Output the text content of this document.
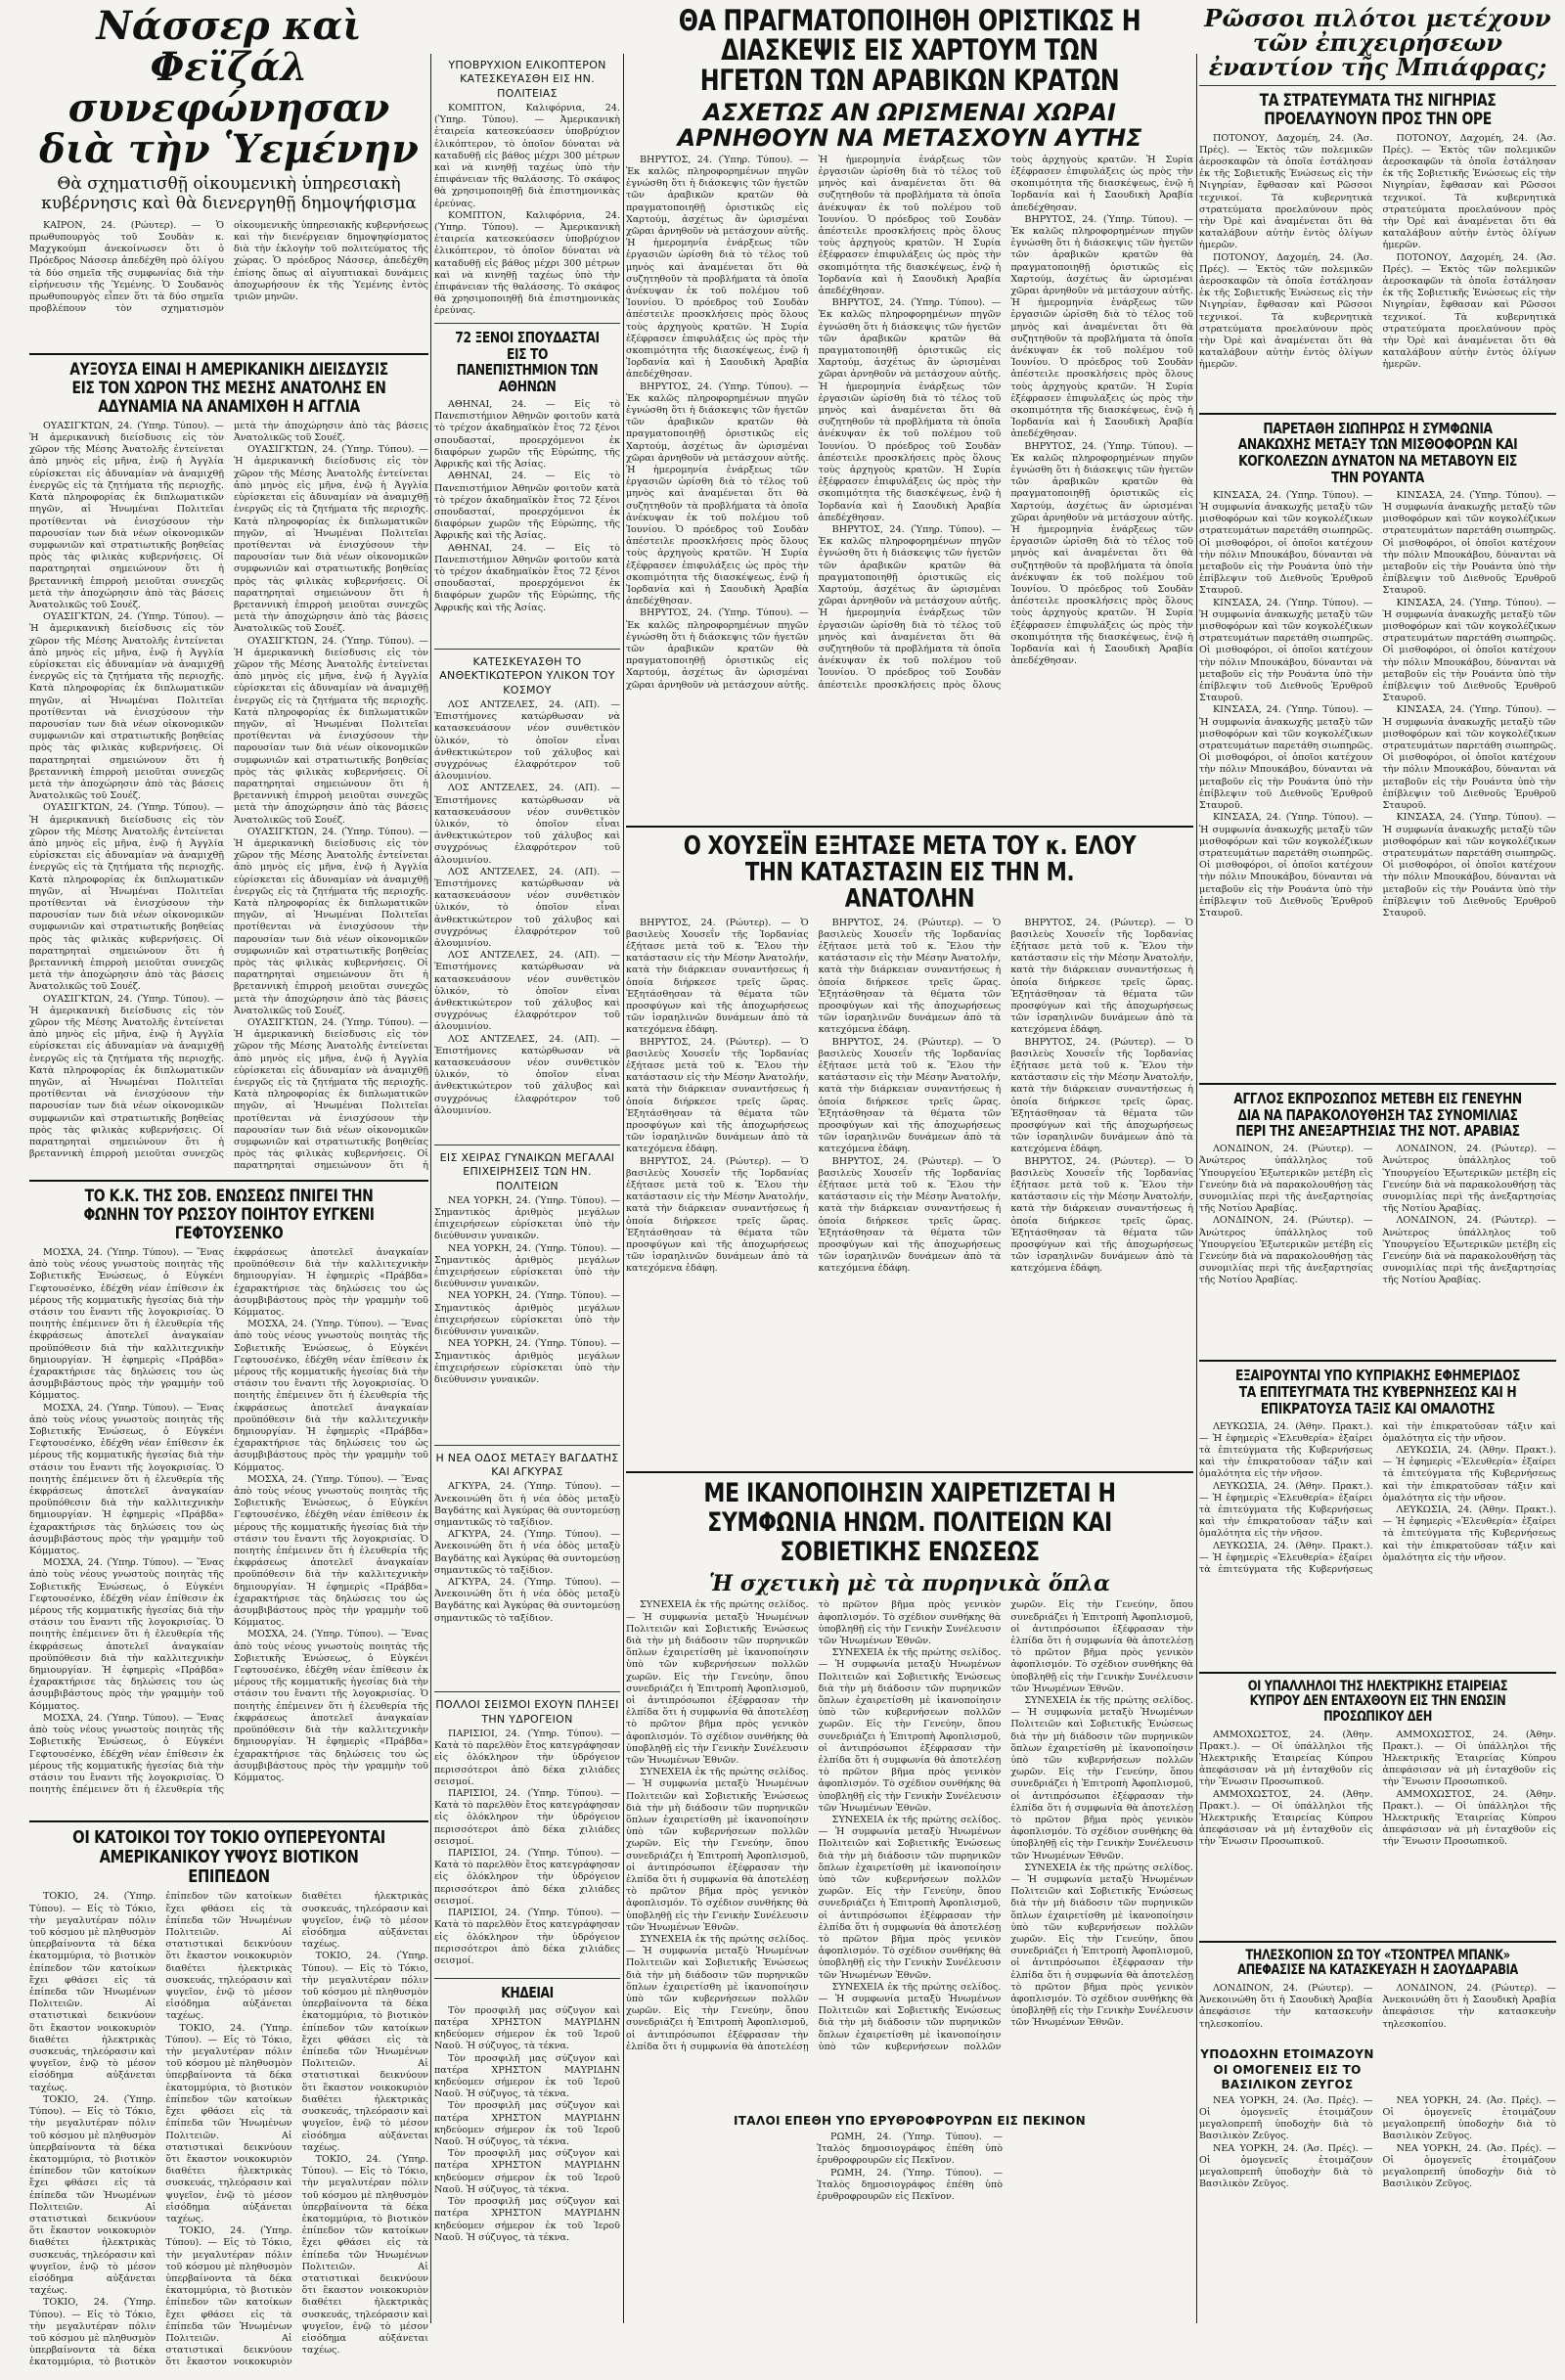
Νάσσερ καὶ Φεϊζάλ συνεφώνησαν διὰ τὴν Ὑεμένην
Θὰ σχηματισθῇ οἰκουμενικὴ ὑπηρεσιακὴ κυβέρνησις καὶ θὰ διενεργηθῇ δημοψήφισμα

ΚΑΪΡΟΝ, 24. (Ρώυτερ). — Ὁ πρωθυπουργὸς τοῦ Σουδὰν κ. Μαχγκούμπ ἀνεκοίνωσεν ὅτι ὁ Πρόεδρος Νάσσερ ἀπεδέχθη πρὸ ὀλίγου τὰ δύο σημεῖα τῆς συμφωνίας διὰ τὴν εἰρήνευσιν τῆς Ὑεμένης. Ὁ Σουδανὸς πρωθυπουργὸς εἶπεν ὅτι τὰ δύο σημεῖα προβλέπουν τὸν σχηματισμὸν οἰκουμενικῆς ὑπηρεσιακῆς κυβερνήσεως καὶ τὴν διενέργειαν δημοψηφίσματος διὰ τὴν ἐκλογὴν τοῦ πολιτεύματος τῆς χώρας. Ὁ πρόεδρος Νάσσερ, ἀπεδέχθη ἐπίσης ὅπως αἱ αἰγυπτιακαὶ δυνάμεις ἀποχωρήσουν ἐκ τῆς Ὑεμένης ἐντὸς τριῶν μηνῶν.

ΑΥΞΟΥΣΑ ΕΙΝΑΙ Η ΑΜΕΡΙΚΑΝΙΚΗ ΔΙΕΙΣΔΥΣΙΣ ΕΙΣ ΤΟΝ ΧΩΡΟΝ ΤΗΣ ΜΕΣΗΣ ΑΝΑΤΟΛΗΣ ΕΝ ΑΔΥΝΑΜΙΑ ΝΑ ΑΝΑΜΙΧΘΗ Η ΑΓΓΛΙΑ

ΟΥΑΣΙΓΚΤΩΝ, 24. (Ὑπηρ. Τύπου). — Ἡ ἀμερικανικὴ διείσδυσις εἰς τὸν χῶρον τῆς Μέσης Ἀνατολῆς ἐντείνεται ἀπὸ μηνὸς εἰς μῆνα, ἐνῷ ἡ Ἀγγλία εὑρίσκεται εἰς ἀδυναμίαν νὰ ἀναμιχθῇ ἐνεργῶς εἰς τὰ ζητήματα τῆς περιοχῆς. Κατὰ πληροφορίας ἐκ διπλωματικῶν πηγῶν, αἱ Ἡνωμέναι Πολιτεῖαι προτίθενται νὰ ἐνισχύσουν τὴν παρουσίαν των διὰ νέων οἰκονομικῶν συμφωνιῶν καὶ στρατιωτικῆς βοηθείας πρὸς τὰς φιλικὰς κυβερνήσεις. Οἱ παρατηρηταὶ σημειώνουν ὅτι ἡ βρεταννικὴ ἐπιρροὴ μειοῦται συνεχῶς μετὰ τὴν ἀποχώρησιν ἀπὸ τὰς βάσεις Ἀνατολικῶς τοῦ Σουέζ.

ΟΥΑΣΙΓΚΤΩΝ, 24. (Ὑπηρ. Τύπου). — Ἡ ἀμερικανικὴ διείσδυσις εἰς τὸν χῶρον τῆς Μέσης Ἀνατολῆς ἐντείνεται ἀπὸ μηνὸς εἰς μῆνα, ἐνῷ ἡ Ἀγγλία εὑρίσκεται εἰς ἀδυναμίαν νὰ ἀναμιχθῇ ἐνεργῶς εἰς τὰ ζητήματα τῆς περιοχῆς. Κατὰ πληροφορίας ἐκ διπλωματικῶν πηγῶν, αἱ Ἡνωμέναι Πολιτεῖαι προτίθενται νὰ ἐνισχύσουν τὴν παρουσίαν των διὰ νέων οἰκονομικῶν συμφωνιῶν καὶ στρατιωτικῆς βοηθείας πρὸς τὰς φιλικὰς κυβερνήσεις. Οἱ παρατηρηταὶ σημειώνουν ὅτι ἡ βρεταννικὴ ἐπιρροὴ μειοῦται συνεχῶς μετὰ τὴν ἀποχώρησιν ἀπὸ τὰς βάσεις Ἀνατολικῶς τοῦ Σουέζ.

ΟΥΑΣΙΓΚΤΩΝ, 24. (Ὑπηρ. Τύπου). — Ἡ ἀμερικανικὴ διείσδυσις εἰς τὸν χῶρον τῆς Μέσης Ἀνατολῆς ἐντείνεται ἀπὸ μηνὸς εἰς μῆνα, ἐνῷ ἡ Ἀγγλία εὑρίσκεται εἰς ἀδυναμίαν νὰ ἀναμιχθῇ ἐνεργῶς εἰς τὰ ζητήματα τῆς περιοχῆς. Κατὰ πληροφορίας ἐκ διπλωματικῶν πηγῶν, αἱ Ἡνωμέναι Πολιτεῖαι προτίθενται νὰ ἐνισχύσουν τὴν παρουσίαν των διὰ νέων οἰκονομικῶν συμφωνιῶν καὶ στρατιωτικῆς βοηθείας πρὸς τὰς φιλικὰς κυβερνήσεις. Οἱ παρατηρηταὶ σημειώνουν ὅτι ἡ βρεταννικὴ ἐπιρροὴ μειοῦται συνεχῶς μετὰ τὴν ἀποχώρησιν ἀπὸ τὰς βάσεις Ἀνατολικῶς τοῦ Σουέζ.

ΟΥΑΣΙΓΚΤΩΝ, 24. (Ὑπηρ. Τύπου). — Ἡ ἀμερικανικὴ διείσδυσις εἰς τὸν χῶρον τῆς Μέσης Ἀνατολῆς ἐντείνεται ἀπὸ μηνὸς εἰς μῆνα, ἐνῷ ἡ Ἀγγλία εὑρίσκεται εἰς ἀδυναμίαν νὰ ἀναμιχθῇ ἐνεργῶς εἰς τὰ ζητήματα τῆς περιοχῆς. Κατὰ πληροφορίας ἐκ διπλωματικῶν πηγῶν, αἱ Ἡνωμέναι Πολιτεῖαι προτίθενται νὰ ἐνισχύσουν τὴν παρουσίαν των διὰ νέων οἰκονομικῶν συμφωνιῶν καὶ στρατιωτικῆς βοηθείας πρὸς τὰς φιλικὰς κυβερνήσεις. Οἱ παρατηρηταὶ σημειώνουν ὅτι ἡ βρεταννικὴ ἐπιρροὴ μειοῦται συνεχῶς μετὰ τὴν ἀποχώρησιν ἀπὸ τὰς βάσεις Ἀνατολικῶς τοῦ Σουέζ.

ΟΥΑΣΙΓΚΤΩΝ, 24. (Ὑπηρ. Τύπου). — Ἡ ἀμερικανικὴ διείσδυσις εἰς τὸν χῶρον τῆς Μέσης Ἀνατολῆς ἐντείνεται ἀπὸ μηνὸς εἰς μῆνα, ἐνῷ ἡ Ἀγγλία εὑρίσκεται εἰς ἀδυναμίαν νὰ ἀναμιχθῇ ἐνεργῶς εἰς τὰ ζητήματα τῆς περιοχῆς. Κατὰ πληροφορίας ἐκ διπλωματικῶν πηγῶν, αἱ Ἡνωμέναι Πολιτεῖαι προτίθενται νὰ ἐνισχύσουν τὴν παρουσίαν των διὰ νέων οἰκονομικῶν συμφωνιῶν καὶ στρατιωτικῆς βοηθείας πρὸς τὰς φιλικὰς κυβερνήσεις. Οἱ παρατηρηταὶ σημειώνουν ὅτι ἡ βρεταννικὴ ἐπιρροὴ μειοῦται συνεχῶς μετὰ τὴν ἀποχώρησιν ἀπὸ τὰς βάσεις Ἀνατολικῶς τοῦ Σουέζ.

ΟΥΑΣΙΓΚΤΩΝ, 24. (Ὑπηρ. Τύπου). — Ἡ ἀμερικανικὴ διείσδυσις εἰς τὸν χῶρον τῆς Μέσης Ἀνατολῆς ἐντείνεται ἀπὸ μηνὸς εἰς μῆνα, ἐνῷ ἡ Ἀγγλία εὑρίσκεται εἰς ἀδυναμίαν νὰ ἀναμιχθῇ ἐνεργῶς εἰς τὰ ζητήματα τῆς περιοχῆς. Κατὰ πληροφορίας ἐκ διπλωματικῶν πηγῶν, αἱ Ἡνωμέναι Πολιτεῖαι προτίθενται νὰ ἐνισχύσουν τὴν παρουσίαν των διὰ νέων οἰκονομικῶν συμφωνιῶν καὶ στρατιωτικῆς βοηθείας πρὸς τὰς φιλικὰς κυβερνήσεις. Οἱ παρατηρηταὶ σημειώνουν ὅτι ἡ βρεταννικὴ ἐπιρροὴ μειοῦται συνεχῶς μετὰ τὴν ἀποχώρησιν ἀπὸ τὰς βάσεις Ἀνατολικῶς τοῦ Σουέζ.

ΟΥΑΣΙΓΚΤΩΝ, 24. (Ὑπηρ. Τύπου). — Ἡ ἀμερικανικὴ διείσδυσις εἰς τὸν χῶρον τῆς Μέσης Ἀνατολῆς ἐντείνεται ἀπὸ μηνὸς εἰς μῆνα, ἐνῷ ἡ Ἀγγλία εὑρίσκεται εἰς ἀδυναμίαν νὰ ἀναμιχθῇ ἐνεργῶς εἰς τὰ ζητήματα τῆς περιοχῆς. Κατὰ πληροφορίας ἐκ διπλωματικῶν πηγῶν, αἱ Ἡνωμέναι Πολιτεῖαι προτίθενται νὰ ἐνισχύσουν τὴν παρουσίαν των διὰ νέων οἰκονομικῶν συμφωνιῶν καὶ στρατιωτικῆς βοηθείας πρὸς τὰς φιλικὰς κυβερνήσεις. Οἱ παρατηρηταὶ σημειώνουν ὅτι ἡ βρεταννικὴ ἐπιρροὴ μειοῦται συνεχῶς μετὰ τὴν ἀποχώρησιν ἀπὸ τὰς βάσεις Ἀνατολικῶς τοῦ Σουέζ.

ΟΥΑΣΙΓΚΤΩΝ, 24. (Ὑπηρ. Τύπου). — Ἡ ἀμερικανικὴ διείσδυσις εἰς τὸν χῶρον τῆς Μέσης Ἀνατολῆς ἐντείνεται ἀπὸ μηνὸς εἰς μῆνα, ἐνῷ ἡ Ἀγγλία εὑρίσκεται εἰς ἀδυναμίαν νὰ ἀναμιχθῇ ἐνεργῶς εἰς τὰ ζητήματα τῆς περιοχῆς. Κατὰ πληροφορίας ἐκ διπλωματικῶν πηγῶν, αἱ Ἡνωμέναι Πολιτεῖαι προτίθενται νὰ ἐνισχύσουν τὴν παρουσίαν των διὰ νέων οἰκονομικῶν συμφωνιῶν καὶ στρατιωτικῆς βοηθείας πρὸς τὰς φιλικὰς κυβερνήσεις. Οἱ παρατηρηταὶ σημειώνουν ὅτι ἡ

ΤΟ Κ.Κ. ΤΗΣ ΣΟΒ. ΕΝΩΣΕΩΣ ΠΝΙΓΕΙ ΤΗΝ ΦΩΝΗΝ ΤΟΥ ΡΩΣΣΟΥ ΠΟΙΗΤΟΥ ΕΥΓΚΕΝΙ ΓΕΦΤΟΥΣΕΝΚΟ

ΜΟΣΧΑ, 24. (Ὑπηρ. Τύπου). — Ἕνας ἀπὸ τοὺς νέους γνωστοὺς ποιητὰς τῆς Σοβιετικῆς Ἑνώσεως, ὁ Εὐγκένι Γεφτουσένκο, ἐδέχθη νέαν ἐπίθεσιν ἐκ μέρους τῆς κομματικῆς ἡγεσίας διὰ τὴν στάσιν του ἔναντι τῆς λογοκρισίας. Ὁ ποιητὴς ἐπέμεινεν ὅτι ἡ ἐλευθερία τῆς ἐκφράσεως ἀποτελεῖ ἀναγκαίαν προϋπόθεσιν διὰ τὴν καλλιτεχνικὴν δημιουργίαν. Ἡ ἐφημερὶς «Πράβδα» ἐχαρακτήρισε τὰς δηλώσεις του ὡς ἀσυμβιβάστους πρὸς τὴν γραμμὴν τοῦ Κόμματος.

ΜΟΣΧΑ, 24. (Ὑπηρ. Τύπου). — Ἕνας ἀπὸ τοὺς νέους γνωστοὺς ποιητὰς τῆς Σοβιετικῆς Ἑνώσεως, ὁ Εὐγκένι Γεφτουσένκο, ἐδέχθη νέαν ἐπίθεσιν ἐκ μέρους τῆς κομματικῆς ἡγεσίας διὰ τὴν στάσιν του ἔναντι τῆς λογοκρισίας. Ὁ ποιητὴς ἐπέμεινεν ὅτι ἡ ἐλευθερία τῆς ἐκφράσεως ἀποτελεῖ ἀναγκαίαν προϋπόθεσιν διὰ τὴν καλλιτεχνικὴν δημιουργίαν. Ἡ ἐφημερὶς «Πράβδα» ἐχαρακτήρισε τὰς δηλώσεις του ὡς ἀσυμβιβάστους πρὸς τὴν γραμμὴν τοῦ Κόμματος.

ΜΟΣΧΑ, 24. (Ὑπηρ. Τύπου). — Ἕνας ἀπὸ τοὺς νέους γνωστοὺς ποιητὰς τῆς Σοβιετικῆς Ἑνώσεως, ὁ Εὐγκένι Γεφτουσένκο, ἐδέχθη νέαν ἐπίθεσιν ἐκ μέρους τῆς κομματικῆς ἡγεσίας διὰ τὴν στάσιν του ἔναντι τῆς λογοκρισίας. Ὁ ποιητὴς ἐπέμεινεν ὅτι ἡ ἐλευθερία τῆς ἐκφράσεως ἀποτελεῖ ἀναγκαίαν προϋπόθεσιν διὰ τὴν καλλιτεχνικὴν δημιουργίαν. Ἡ ἐφημερὶς «Πράβδα» ἐχαρακτήρισε τὰς δηλώσεις του ὡς ἀσυμβιβάστους πρὸς τὴν γραμμὴν τοῦ Κόμματος.

ΜΟΣΧΑ, 24. (Ὑπηρ. Τύπου). — Ἕνας ἀπὸ τοὺς νέους γνωστοὺς ποιητὰς τῆς Σοβιετικῆς Ἑνώσεως, ὁ Εὐγκένι Γεφτουσένκο, ἐδέχθη νέαν ἐπίθεσιν ἐκ μέρους τῆς κομματικῆς ἡγεσίας διὰ τὴν στάσιν του ἔναντι τῆς λογοκρισίας. Ὁ ποιητὴς ἐπέμεινεν ὅτι ἡ ἐλευθερία τῆς ἐκφράσεως ἀποτελεῖ ἀναγκαίαν προϋπόθεσιν διὰ τὴν καλλιτεχνικὴν δημιουργίαν. Ἡ ἐφημερὶς «Πράβδα» ἐχαρακτήρισε τὰς δηλώσεις του ὡς ἀσυμβιβάστους πρὸς τὴν γραμμὴν τοῦ Κόμματος.

ΜΟΣΧΑ, 24. (Ὑπηρ. Τύπου). — Ἕνας ἀπὸ τοὺς νέους γνωστοὺς ποιητὰς τῆς Σοβιετικῆς Ἑνώσεως, ὁ Εὐγκένι Γεφτουσένκο, ἐδέχθη νέαν ἐπίθεσιν ἐκ μέρους τῆς κομματικῆς ἡγεσίας διὰ τὴν στάσιν του ἔναντι τῆς λογοκρισίας. Ὁ ποιητὴς ἐπέμεινεν ὅτι ἡ ἐλευθερία τῆς ἐκφράσεως ἀποτελεῖ ἀναγκαίαν προϋπόθεσιν διὰ τὴν καλλιτεχνικὴν δημιουργίαν. Ἡ ἐφημερὶς «Πράβδα» ἐχαρακτήρισε τὰς δηλώσεις του ὡς ἀσυμβιβάστους πρὸς τὴν γραμμὴν τοῦ Κόμματος.

ΜΟΣΧΑ, 24. (Ὑπηρ. Τύπου). — Ἕνας ἀπὸ τοὺς νέους γνωστοὺς ποιητὰς τῆς Σοβιετικῆς Ἑνώσεως, ὁ Εὐγκένι Γεφτουσένκο, ἐδέχθη νέαν ἐπίθεσιν ἐκ μέρους τῆς κομματικῆς ἡγεσίας διὰ τὴν στάσιν του ἔναντι τῆς λογοκρισίας. Ὁ ποιητὴς ἐπέμεινεν ὅτι ἡ ἐλευθερία τῆς ἐκφράσεως ἀποτελεῖ ἀναγκαίαν προϋπόθεσιν διὰ τὴν καλλιτεχνικὴν δημιουργίαν. Ἡ ἐφημερὶς «Πράβδα» ἐχαρακτήρισε τὰς δηλώσεις του ὡς ἀσυμβιβάστους πρὸς τὴν γραμμὴν τοῦ Κόμματος.

ΜΟΣΧΑ, 24. (Ὑπηρ. Τύπου). — Ἕνας ἀπὸ τοὺς νέους γνωστοὺς ποιητὰς τῆς Σοβιετικῆς Ἑνώσεως, ὁ Εὐγκένι Γεφτουσένκο, ἐδέχθη νέαν ἐπίθεσιν ἐκ μέρους τῆς κομματικῆς ἡγεσίας διὰ τὴν στάσιν του ἔναντι τῆς λογοκρισίας. Ὁ ποιητὴς ἐπέμεινεν ὅτι ἡ ἐλευθερία τῆς ἐκφράσεως ἀποτελεῖ ἀναγκαίαν προϋπόθεσιν διὰ τὴν καλλιτεχνικὴν δημιουργίαν. Ἡ ἐφημερὶς «Πράβδα» ἐχαρακτήρισε τὰς δηλώσεις του ὡς ἀσυμβιβάστους πρὸς τὴν γραμμὴν τοῦ Κόμματος.

ΟΙ ΚΑΤΟΙΚΟΙ ΤΟΥ ΤΟΚΙΟ ΟΥΠΕΡΕΥΟΝΤΑΙ ΑΜΕΡΙΚΑΝΙΚΟΥ ΥΨΟΥΣ ΒΙΟΤΙΚΟΝ ΕΠΙΠΕΔΟΝ

ΤΟΚΙΟ, 24. (Ὑπηρ. Τύπου). — Εἰς τὸ Τόκιο, τὴν μεγαλυτέραν πόλιν τοῦ κόσμου μὲ πληθυσμὸν ὑπερβαίνοντα τὰ δέκα ἑκατομμύρια, τὸ βιοτικὸν ἐπίπεδον τῶν κατοίκων ἔχει φθάσει εἰς τὰ ἐπίπεδα τῶν Ἡνωμένων Πολιτειῶν. Αἱ στατιστικαὶ δεικνύουν ὅτι ἕκαστον νοικοκυριὸν διαθέτει ἠλεκτρικὰς συσκευάς, τηλεόρασιν καὶ ψυγεῖον, ἐνῷ τὸ μέσον εἰσόδημα αὐξάνεται ταχέως.

ΤΟΚΙΟ, 24. (Ὑπηρ. Τύπου). — Εἰς τὸ Τόκιο, τὴν μεγαλυτέραν πόλιν τοῦ κόσμου μὲ πληθυσμὸν ὑπερβαίνοντα τὰ δέκα ἑκατομμύρια, τὸ βιοτικὸν ἐπίπεδον τῶν κατοίκων ἔχει φθάσει εἰς τὰ ἐπίπεδα τῶν Ἡνωμένων Πολιτειῶν. Αἱ στατιστικαὶ δεικνύουν ὅτι ἕκαστον νοικοκυριὸν διαθέτει ἠλεκτρικὰς συσκευάς, τηλεόρασιν καὶ ψυγεῖον, ἐνῷ τὸ μέσον εἰσόδημα αὐξάνεται ταχέως.

ΤΟΚΙΟ, 24. (Ὑπηρ. Τύπου). — Εἰς τὸ Τόκιο, τὴν μεγαλυτέραν πόλιν τοῦ κόσμου μὲ πληθυσμὸν ὑπερβαίνοντα τὰ δέκα ἑκατομμύρια, τὸ βιοτικὸν ἐπίπεδον τῶν κατοίκων ἔχει φθάσει εἰς τὰ ἐπίπεδα τῶν Ἡνωμένων Πολιτειῶν. Αἱ στατιστικαὶ δεικνύουν ὅτι ἕκαστον νοικοκυριὸν διαθέτει ἠλεκτρικὰς συσκευάς, τηλεόρασιν καὶ ψυγεῖον, ἐνῷ τὸ μέσον εἰσόδημα αὐξάνεται ταχέως.

ΤΟΚΙΟ, 24. (Ὑπηρ. Τύπου). — Εἰς τὸ Τόκιο, τὴν μεγαλυτέραν πόλιν τοῦ κόσμου μὲ πληθυσμὸν ὑπερβαίνοντα τὰ δέκα ἑκατομμύρια, τὸ βιοτικὸν ἐπίπεδον τῶν κατοίκων ἔχει φθάσει εἰς τὰ ἐπίπεδα τῶν Ἡνωμένων Πολιτειῶν. Αἱ στατιστικαὶ δεικνύουν ὅτι ἕκαστον νοικοκυριὸν διαθέτει ἠλεκτρικὰς συσκευάς, τηλεόρασιν καὶ ψυγεῖον, ἐνῷ τὸ μέσον εἰσόδημα αὐξάνεται ταχέως.

ΤΟΚΙΟ, 24. (Ὑπηρ. Τύπου). — Εἰς τὸ Τόκιο, τὴν μεγαλυτέραν πόλιν τοῦ κόσμου μὲ πληθυσμὸν ὑπερβαίνοντα τὰ δέκα ἑκατομμύρια, τὸ βιοτικὸν ἐπίπεδον τῶν κατοίκων ἔχει φθάσει εἰς τὰ ἐπίπεδα τῶν Ἡνωμένων Πολιτειῶν. Αἱ στατιστικαὶ δεικνύουν ὅτι ἕκαστον νοικοκυριὸν διαθέτει ἠλεκτρικὰς συσκευάς, τηλεόρασιν καὶ ψυγεῖον, ἐνῷ τὸ μέσον εἰσόδημα αὐξάνεται ταχέως.

ΤΟΚΙΟ, 24. (Ὑπηρ. Τύπου). — Εἰς τὸ Τόκιο, τὴν μεγαλυτέραν πόλιν τοῦ κόσμου μὲ πληθυσμὸν ὑπερβαίνοντα τὰ δέκα ἑκατομμύρια, τὸ βιοτικὸν ἐπίπεδον τῶν κατοίκων ἔχει φθάσει εἰς τὰ ἐπίπεδα τῶν Ἡνωμένων Πολιτειῶν. Αἱ στατιστικαὶ δεικνύουν ὅτι ἕκαστον νοικοκυριὸν διαθέτει ἠλεκτρικὰς συσκευάς, τηλεόρασιν καὶ ψυγεῖον, ἐνῷ τὸ μέσον εἰσόδημα αὐξάνεται ταχέως.

ΤΟΚΙΟ, 24. (Ὑπηρ. Τύπου). — Εἰς τὸ Τόκιο, τὴν μεγαλυτέραν πόλιν τοῦ κόσμου μὲ πληθυσμὸν ὑπερβαίνοντα τὰ δέκα ἑκατομμύρια, τὸ βιοτικὸν ἐπίπεδον τῶν κατοίκων ἔχει φθάσει εἰς τὰ ἐπίπεδα τῶν Ἡνωμένων Πολιτειῶν. Αἱ στατιστικαὶ δεικνύουν ὅτι ἕκαστον νοικοκυριὸν διαθέτει ἠλεκτρικὰς συσκευάς, τηλεόρασιν καὶ ψυγεῖον, ἐνῷ τὸ μέσον εἰσόδημα αὐξάνεται ταχέως.

ΥΠΟΒΡΥΧΙΟΝ ΕΛΙΚΟΠΤΕΡΟΝ ΚΑΤΕΣΚΕΥΑΣΘΗ ΕΙΣ ΗΝ. ΠΟΛΙΤΕΙΑΣ

ΚΟΜΠΤΟΝ, Καλιφόρνια, 24. (Ὑπηρ. Τύπου). — Ἀμερικανικὴ ἑταιρεία κατεσκεύασεν ὑποβρύχιον ἑλικόπτερον, τὸ ὁποῖον δύναται νὰ καταδυθῇ εἰς βάθος μέχρι 300 μέτρων καὶ νὰ κινηθῇ ταχέως ὑπὸ τὴν ἐπιφάνειαν τῆς θαλάσσης. Τὸ σκάφος θὰ χρησιμοποιηθῇ διὰ ἐπιστημονικὰς ἐρεύνας.

ΚΟΜΠΤΟΝ, Καλιφόρνια, 24. (Ὑπηρ. Τύπου). — Ἀμερικανικὴ ἑταιρεία κατεσκεύασεν ὑποβρύχιον ἑλικόπτερον, τὸ ὁποῖον δύναται νὰ καταδυθῇ εἰς βάθος μέχρι 300 μέτρων καὶ νὰ κινηθῇ ταχέως ὑπὸ τὴν ἐπιφάνειαν τῆς θαλάσσης. Τὸ σκάφος θὰ χρησιμοποιηθῇ διὰ ἐπιστημονικὰς ἐρεύνας.

72 ΞΕΝΟΙ ΣΠΟΥΔΑΣΤΑΙ ΕΙΣ ΤΟ ΠΑΝΕΠΙΣΤΗΜΙΟΝ ΤΩΝ ΑΘΗΝΩΝ

ΑΘΗΝΑΙ, 24. — Εἰς τὸ Πανεπιστήμιον Ἀθηνῶν φοιτοῦν κατὰ τὸ τρέχον ἀκαδημαϊκὸν ἔτος 72 ξένοι σπουδασταί, προερχόμενοι ἐκ διαφόρων χωρῶν τῆς Εὐρώπης, τῆς Ἀφρικῆς καὶ τῆς Ἀσίας.

ΑΘΗΝΑΙ, 24. — Εἰς τὸ Πανεπιστήμιον Ἀθηνῶν φοιτοῦν κατὰ τὸ τρέχον ἀκαδημαϊκὸν ἔτος 72 ξένοι σπουδασταί, προερχόμενοι ἐκ διαφόρων χωρῶν τῆς Εὐρώπης, τῆς Ἀφρικῆς καὶ τῆς Ἀσίας.

ΑΘΗΝΑΙ, 24. — Εἰς τὸ Πανεπιστήμιον Ἀθηνῶν φοιτοῦν κατὰ τὸ τρέχον ἀκαδημαϊκὸν ἔτος 72 ξένοι σπουδασταί, προερχόμενοι ἐκ διαφόρων χωρῶν τῆς Εὐρώπης, τῆς Ἀφρικῆς καὶ τῆς Ἀσίας.

ΚΑΤΕΣΚΕΥΑΣΘΗ ΤΟ ΑΝΘΕΚΤΙΚΩΤΕΡΟΝ ΥΛΙΚΟΝ ΤΟΥ ΚΟΣΜΟΥ

ΛΟΣ ΑΝΤΖΕΛΕΣ, 24. (ΑΠ). — Ἐπιστήμονες κατώρθωσαν νὰ κατασκευάσουν νέον συνθετικὸν ὑλικόν, τὸ ὁποῖον εἶναι ἀνθεκτικώτερον τοῦ χάλυβος καὶ συγχρόνως ἐλαφρότερον τοῦ ἀλουμινίου.

ΛΟΣ ΑΝΤΖΕΛΕΣ, 24. (ΑΠ). — Ἐπιστήμονες κατώρθωσαν νὰ κατασκευάσουν νέον συνθετικὸν ὑλικόν, τὸ ὁποῖον εἶναι ἀνθεκτικώτερον τοῦ χάλυβος καὶ συγχρόνως ἐλαφρότερον τοῦ ἀλουμινίου.

ΛΟΣ ΑΝΤΖΕΛΕΣ, 24. (ΑΠ). — Ἐπιστήμονες κατώρθωσαν νὰ κατασκευάσουν νέον συνθετικὸν ὑλικόν, τὸ ὁποῖον εἶναι ἀνθεκτικώτερον τοῦ χάλυβος καὶ συγχρόνως ἐλαφρότερον τοῦ ἀλουμινίου.

ΛΟΣ ΑΝΤΖΕΛΕΣ, 24. (ΑΠ). — Ἐπιστήμονες κατώρθωσαν νὰ κατασκευάσουν νέον συνθετικὸν ὑλικόν, τὸ ὁποῖον εἶναι ἀνθεκτικώτερον τοῦ χάλυβος καὶ συγχρόνως ἐλαφρότερον τοῦ ἀλουμινίου.

ΛΟΣ ΑΝΤΖΕΛΕΣ, 24. (ΑΠ). — Ἐπιστήμονες κατώρθωσαν νὰ κατασκευάσουν νέον συνθετικὸν ὑλικόν, τὸ ὁποῖον εἶναι ἀνθεκτικώτερον τοῦ χάλυβος καὶ συγχρόνως ἐλαφρότερον τοῦ ἀλουμινίου.

ΕΙΣ ΧΕΙΡΑΣ ΓΥΝΑΙΚΩΝ ΜΕΓΑΛΑΙ ΕΠΙΧΕΙΡΗΣΕΙΣ ΤΩΝ ΗΝ. ΠΟΛΙΤΕΙΩΝ

ΝΕΑ ΥΟΡΚΗ, 24. (Ὑπηρ. Τύπου). — Σημαντικὸς ἀριθμὸς μεγάλων ἐπιχειρήσεων εὑρίσκεται ὑπὸ τὴν διεύθυνσιν γυναικῶν.

ΝΕΑ ΥΟΡΚΗ, 24. (Ὑπηρ. Τύπου). — Σημαντικὸς ἀριθμὸς μεγάλων ἐπιχειρήσεων εὑρίσκεται ὑπὸ τὴν διεύθυνσιν γυναικῶν.

ΝΕΑ ΥΟΡΚΗ, 24. (Ὑπηρ. Τύπου). — Σημαντικὸς ἀριθμὸς μεγάλων ἐπιχειρήσεων εὑρίσκεται ὑπὸ τὴν διεύθυνσιν γυναικῶν.

ΝΕΑ ΥΟΡΚΗ, 24. (Ὑπηρ. Τύπου). — Σημαντικὸς ἀριθμὸς μεγάλων ἐπιχειρήσεων εὑρίσκεται ὑπὸ τὴν διεύθυνσιν γυναικῶν.

Η ΝΕΑ ΟΔΟΣ ΜΕΤΑΞΥ ΒΑΓΔΑΤΗΣ ΚΑΙ ΑΓΚΥΡΑΣ

ΑΓΚΥΡΑ, 24. (Ὑπηρ. Τύπου). — Ἀνεκοινώθη ὅτι ἡ νέα ὁδὸς μεταξὺ Βαγδάτης καὶ Ἀγκύρας θὰ συντομεύσῃ σημαντικῶς τὸ ταξίδιον.

ΑΓΚΥΡΑ, 24. (Ὑπηρ. Τύπου). — Ἀνεκοινώθη ὅτι ἡ νέα ὁδὸς μεταξὺ Βαγδάτης καὶ Ἀγκύρας θὰ συντομεύσῃ σημαντικῶς τὸ ταξίδιον.

ΑΓΚΥΡΑ, 24. (Ὑπηρ. Τύπου). — Ἀνεκοινώθη ὅτι ἡ νέα ὁδὸς μεταξὺ Βαγδάτης καὶ Ἀγκύρας θὰ συντομεύσῃ σημαντικῶς τὸ ταξίδιον.

ΠΟΛΛΟΙ ΣΕΙΣΜΟΙ ΕΧΟΥΝ ΠΛΗΞΕΙ ΤΗΝ ΥΔΡΟΓΕΙΟΝ

ΠΑΡΙΣΙΟΙ, 24. (Ὑπηρ. Τύπου). — Κατὰ τὸ παρελθὸν ἔτος κατεγράφησαν εἰς ὁλόκληρον τὴν ὑδρόγειον περισσότεροι ἀπὸ δέκα χιλιάδες σεισμοί.

ΠΑΡΙΣΙΟΙ, 24. (Ὑπηρ. Τύπου). — Κατὰ τὸ παρελθὸν ἔτος κατεγράφησαν εἰς ὁλόκληρον τὴν ὑδρόγειον περισσότεροι ἀπὸ δέκα χιλιάδες σεισμοί.

ΠΑΡΙΣΙΟΙ, 24. (Ὑπηρ. Τύπου). — Κατὰ τὸ παρελθὸν ἔτος κατεγράφησαν εἰς ὁλόκληρον τὴν ὑδρόγειον περισσότεροι ἀπὸ δέκα χιλιάδες σεισμοί.

ΠΑΡΙΣΙΟΙ, 24. (Ὑπηρ. Τύπου). — Κατὰ τὸ παρελθὸν ἔτος κατεγράφησαν εἰς ὁλόκληρον τὴν ὑδρόγειον περισσότεροι ἀπὸ δέκα χιλιάδες σεισμοί.

ΚΗΔΕΙΑΙ

Τὸν προσφιλῆ μας σύζυγον καὶ πατέρα ΧΡΗΣΤΟΝ ΜΑΥΡΙΔΗΝ κηδεύομεν σήμερον ἐκ τοῦ Ἱεροῦ Ναοῦ. Ἡ σύζυγος, τὰ τέκνα.

Τὸν προσφιλῆ μας σύζυγον καὶ πατέρα ΧΡΗΣΤΟΝ ΜΑΥΡΙΔΗΝ κηδεύομεν σήμερον ἐκ τοῦ Ἱεροῦ Ναοῦ. Ἡ σύζυγος, τὰ τέκνα.

Τὸν προσφιλῆ μας σύζυγον καὶ πατέρα ΧΡΗΣΤΟΝ ΜΑΥΡΙΔΗΝ κηδεύομεν σήμερον ἐκ τοῦ Ἱεροῦ Ναοῦ. Ἡ σύζυγος, τὰ τέκνα.

Τὸν προσφιλῆ μας σύζυγον καὶ πατέρα ΧΡΗΣΤΟΝ ΜΑΥΡΙΔΗΝ κηδεύομεν σήμερον ἐκ τοῦ Ἱεροῦ Ναοῦ. Ἡ σύζυγος, τὰ τέκνα.

Τὸν προσφιλῆ μας σύζυγον καὶ πατέρα ΧΡΗΣΤΟΝ ΜΑΥΡΙΔΗΝ κηδεύομεν σήμερον ἐκ τοῦ Ἱεροῦ Ναοῦ. Ἡ σύζυγος, τὰ τέκνα.

ΘΑ ΠΡΑΓΜΑΤΟΠΟΙΗΘΗ ΟΡΙΣΤΙΚΩΣ Η ΔΙΑΣΚΕΨΙΣ ΕΙΣ ΧΑΡΤΟΥΜ ΤΩΝ ΗΓΕΤΩΝ ΤΩΝ ΑΡΑΒΙΚΩΝ ΚΡΑΤΩΝ
ΑΣΧΕΤΩΣ ΑΝ ΩΡΙΣΜΕΝΑΙ ΧΩΡΑΙ ΑΡΝΗΘΟΥΝ ΝΑ ΜΕΤΑΣΧΟΥΝ ΑΥΤΗΣ

ΒΗΡΥΤΟΣ, 24. (Ὑπηρ. Τύπου). — Ἐκ καλῶς πληροφορημένων πηγῶν ἐγνώσθη ὅτι ἡ διάσκεψις τῶν ἡγετῶν τῶν ἀραβικῶν κρατῶν θὰ πραγματοποιηθῇ ὁριστικῶς εἰς Χαρτούμ, ἀσχέτως ἂν ὡρισμέναι χῶραι ἀρνηθοῦν νὰ μετάσχουν αὐτῆς. Ἡ ἡμερομηνία ἐνάρξεως τῶν ἐργασιῶν ὡρίσθη διὰ τὸ τέλος τοῦ μηνὸς καὶ ἀναμένεται ὅτι θὰ συζητηθοῦν τὰ προβλήματα τὰ ὁποῖα ἀνέκυψαν ἐκ τοῦ πολέμου τοῦ Ἰουνίου. Ὁ πρόεδρος τοῦ Σουδὰν ἀπέστειλε προσκλήσεις πρὸς ὅλους τοὺς ἀρχηγοὺς κρατῶν. Ἡ Συρία ἐξέφρασεν ἐπιφυλάξεις ὡς πρὸς τὴν σκοπιμότητα τῆς διασκέψεως, ἐνῷ ἡ Ἰορδανία καὶ ἡ Σαουδικὴ Ἀραβία ἀπεδέχθησαν.

ΒΗΡΥΤΟΣ, 24. (Ὑπηρ. Τύπου). — Ἐκ καλῶς πληροφορημένων πηγῶν ἐγνώσθη ὅτι ἡ διάσκεψις τῶν ἡγετῶν τῶν ἀραβικῶν κρατῶν θὰ πραγματοποιηθῇ ὁριστικῶς εἰς Χαρτούμ, ἀσχέτως ἂν ὡρισμέναι χῶραι ἀρνηθοῦν νὰ μετάσχουν αὐτῆς. Ἡ ἡμερομηνία ἐνάρξεως τῶν ἐργασιῶν ὡρίσθη διὰ τὸ τέλος τοῦ μηνὸς καὶ ἀναμένεται ὅτι θὰ συζητηθοῦν τὰ προβλήματα τὰ ὁποῖα ἀνέκυψαν ἐκ τοῦ πολέμου τοῦ Ἰουνίου. Ὁ πρόεδρος τοῦ Σουδὰν ἀπέστειλε προσκλήσεις πρὸς ὅλους τοὺς ἀρχηγοὺς κρατῶν. Ἡ Συρία ἐξέφρασεν ἐπιφυλάξεις ὡς πρὸς τὴν σκοπιμότητα τῆς διασκέψεως, ἐνῷ ἡ Ἰορδανία καὶ ἡ Σαουδικὴ Ἀραβία ἀπεδέχθησαν.

ΒΗΡΥΤΟΣ, 24. (Ὑπηρ. Τύπου). — Ἐκ καλῶς πληροφορημένων πηγῶν ἐγνώσθη ὅτι ἡ διάσκεψις τῶν ἡγετῶν τῶν ἀραβικῶν κρατῶν θὰ πραγματοποιηθῇ ὁριστικῶς εἰς Χαρτούμ, ἀσχέτως ἂν ὡρισμέναι χῶραι ἀρνηθοῦν νὰ μετάσχουν αὐτῆς. Ἡ ἡμερομηνία ἐνάρξεως τῶν ἐργασιῶν ὡρίσθη διὰ τὸ τέλος τοῦ μηνὸς καὶ ἀναμένεται ὅτι θὰ συζητηθοῦν τὰ προβλήματα τὰ ὁποῖα ἀνέκυψαν ἐκ τοῦ πολέμου τοῦ Ἰουνίου. Ὁ πρόεδρος τοῦ Σουδὰν ἀπέστειλε προσκλήσεις πρὸς ὅλους τοὺς ἀρχηγοὺς κρατῶν. Ἡ Συρία ἐξέφρασεν ἐπιφυλάξεις ὡς πρὸς τὴν σκοπιμότητα τῆς διασκέψεως, ἐνῷ ἡ Ἰορδανία καὶ ἡ Σαουδικὴ Ἀραβία ἀπεδέχθησαν.

ΒΗΡΥΤΟΣ, 24. (Ὑπηρ. Τύπου). — Ἐκ καλῶς πληροφορημένων πηγῶν ἐγνώσθη ὅτι ἡ διάσκεψις τῶν ἡγετῶν τῶν ἀραβικῶν κρατῶν θὰ πραγματοποιηθῇ ὁριστικῶς εἰς Χαρτούμ, ἀσχέτως ἂν ὡρισμέναι χῶραι ἀρνηθοῦν νὰ μετάσχουν αὐτῆς. Ἡ ἡμερομηνία ἐνάρξεως τῶν ἐργασιῶν ὡρίσθη διὰ τὸ τέλος τοῦ μηνὸς καὶ ἀναμένεται ὅτι θὰ συζητηθοῦν τὰ προβλήματα τὰ ὁποῖα ἀνέκυψαν ἐκ τοῦ πολέμου τοῦ Ἰουνίου. Ὁ πρόεδρος τοῦ Σουδὰν ἀπέστειλε προσκλήσεις πρὸς ὅλους τοὺς ἀρχηγοὺς κρατῶν. Ἡ Συρία ἐξέφρασεν ἐπιφυλάξεις ὡς πρὸς τὴν σκοπιμότητα τῆς διασκέψεως, ἐνῷ ἡ Ἰορδανία καὶ ἡ Σαουδικὴ Ἀραβία ἀπεδέχθησαν.

ΒΗΡΥΤΟΣ, 24. (Ὑπηρ. Τύπου). — Ἐκ καλῶς πληροφορημένων πηγῶν ἐγνώσθη ὅτι ἡ διάσκεψις τῶν ἡγετῶν τῶν ἀραβικῶν κρατῶν θὰ πραγματοποιηθῇ ὁριστικῶς εἰς Χαρτούμ, ἀσχέτως ἂν ὡρισμέναι χῶραι ἀρνηθοῦν νὰ μετάσχουν αὐτῆς. Ἡ ἡμερομηνία ἐνάρξεως τῶν ἐργασιῶν ὡρίσθη διὰ τὸ τέλος τοῦ μηνὸς καὶ ἀναμένεται ὅτι θὰ συζητηθοῦν τὰ προβλήματα τὰ ὁποῖα ἀνέκυψαν ἐκ τοῦ πολέμου τοῦ Ἰουνίου. Ὁ πρόεδρος τοῦ Σουδὰν ἀπέστειλε προσκλήσεις πρὸς ὅλους τοὺς ἀρχηγοὺς κρατῶν. Ἡ Συρία ἐξέφρασεν ἐπιφυλάξεις ὡς πρὸς τὴν σκοπιμότητα τῆς διασκέψεως, ἐνῷ ἡ Ἰορδανία καὶ ἡ Σαουδικὴ Ἀραβία ἀπεδέχθησαν.

ΒΗΡΥΤΟΣ, 24. (Ὑπηρ. Τύπου). — Ἐκ καλῶς πληροφορημένων πηγῶν ἐγνώσθη ὅτι ἡ διάσκεψις τῶν ἡγετῶν τῶν ἀραβικῶν κρατῶν θὰ πραγματοποιηθῇ ὁριστικῶς εἰς Χαρτούμ, ἀσχέτως ἂν ὡρισμέναι χῶραι ἀρνηθοῦν νὰ μετάσχουν αὐτῆς. Ἡ ἡμερομηνία ἐνάρξεως τῶν ἐργασιῶν ὡρίσθη διὰ τὸ τέλος τοῦ μηνὸς καὶ ἀναμένεται ὅτι θὰ συζητηθοῦν τὰ προβλήματα τὰ ὁποῖα ἀνέκυψαν ἐκ τοῦ πολέμου τοῦ Ἰουνίου. Ὁ πρόεδρος τοῦ Σουδὰν ἀπέστειλε προσκλήσεις πρὸς ὅλους τοὺς ἀρχηγοὺς κρατῶν. Ἡ Συρία ἐξέφρασεν ἐπιφυλάξεις ὡς πρὸς τὴν σκοπιμότητα τῆς διασκέψεως, ἐνῷ ἡ Ἰορδανία καὶ ἡ Σαουδικὴ Ἀραβία ἀπεδέχθησαν.

ΒΗΡΥΤΟΣ, 24. (Ὑπηρ. Τύπου). — Ἐκ καλῶς πληροφορημένων πηγῶν ἐγνώσθη ὅτι ἡ διάσκεψις τῶν ἡγετῶν τῶν ἀραβικῶν κρατῶν θὰ πραγματοποιηθῇ ὁριστικῶς εἰς Χαρτούμ, ἀσχέτως ἂν ὡρισμέναι χῶραι ἀρνηθοῦν νὰ μετάσχουν αὐτῆς. Ἡ ἡμερομηνία ἐνάρξεως τῶν ἐργασιῶν ὡρίσθη διὰ τὸ τέλος τοῦ μηνὸς καὶ ἀναμένεται ὅτι θὰ συζητηθοῦν τὰ προβλήματα τὰ ὁποῖα ἀνέκυψαν ἐκ τοῦ πολέμου τοῦ Ἰουνίου. Ὁ πρόεδρος τοῦ Σουδὰν ἀπέστειλε προσκλήσεις πρὸς ὅλους τοὺς ἀρχηγοὺς κρατῶν. Ἡ Συρία ἐξέφρασεν ἐπιφυλάξεις ὡς πρὸς τὴν σκοπιμότητα τῆς διασκέψεως, ἐνῷ ἡ Ἰορδανία καὶ ἡ Σαουδικὴ Ἀραβία ἀπεδέχθησαν.

Ο ΧΟΥΣΕΪΝ ΕΞΗΤΑΣΕ ΜΕΤΑ ΤΟΥ κ. ΕΛΟΥ ΤΗΝ ΚΑΤΑΣΤΑΣΙΝ ΕΙΣ ΤΗΝ Μ. ΑΝΑΤΟΛΗΝ

ΒΗΡΥΤΟΣ, 24. (Ρώυτερ). — Ὁ βασιλεὺς Χουσεΐν τῆς Ἰορδανίας ἐξήτασε μετὰ τοῦ κ. Ἔλου τὴν κατάστασιν εἰς τὴν Μέσην Ἀνατολήν, κατὰ τὴν διάρκειαν συναντήσεως ἡ ὁποία διήρκεσε τρεῖς ὥρας. Ἐξητάσθησαν τὰ θέματα τῶν προσφύγων καὶ τῆς ἀποχωρήσεως τῶν ἰσραηλινῶν δυνάμεων ἀπὸ τὰ κατεχόμενα ἐδάφη.

ΒΗΡΥΤΟΣ, 24. (Ρώυτερ). — Ὁ βασιλεὺς Χουσεΐν τῆς Ἰορδανίας ἐξήτασε μετὰ τοῦ κ. Ἔλου τὴν κατάστασιν εἰς τὴν Μέσην Ἀνατολήν, κατὰ τὴν διάρκειαν συναντήσεως ἡ ὁποία διήρκεσε τρεῖς ὥρας. Ἐξητάσθησαν τὰ θέματα τῶν προσφύγων καὶ τῆς ἀποχωρήσεως τῶν ἰσραηλινῶν δυνάμεων ἀπὸ τὰ κατεχόμενα ἐδάφη.

ΒΗΡΥΤΟΣ, 24. (Ρώυτερ). — Ὁ βασιλεὺς Χουσεΐν τῆς Ἰορδανίας ἐξήτασε μετὰ τοῦ κ. Ἔλου τὴν κατάστασιν εἰς τὴν Μέσην Ἀνατολήν, κατὰ τὴν διάρκειαν συναντήσεως ἡ ὁποία διήρκεσε τρεῖς ὥρας. Ἐξητάσθησαν τὰ θέματα τῶν προσφύγων καὶ τῆς ἀποχωρήσεως τῶν ἰσραηλινῶν δυνάμεων ἀπὸ τὰ κατεχόμενα ἐδάφη.

ΒΗΡΥΤΟΣ, 24. (Ρώυτερ). — Ὁ βασιλεὺς Χουσεΐν τῆς Ἰορδανίας ἐξήτασε μετὰ τοῦ κ. Ἔλου τὴν κατάστασιν εἰς τὴν Μέσην Ἀνατολήν, κατὰ τὴν διάρκειαν συναντήσεως ἡ ὁποία διήρκεσε τρεῖς ὥρας. Ἐξητάσθησαν τὰ θέματα τῶν προσφύγων καὶ τῆς ἀποχωρήσεως τῶν ἰσραηλινῶν δυνάμεων ἀπὸ τὰ κατεχόμενα ἐδάφη.

ΒΗΡΥΤΟΣ, 24. (Ρώυτερ). — Ὁ βασιλεὺς Χουσεΐν τῆς Ἰορδανίας ἐξήτασε μετὰ τοῦ κ. Ἔλου τὴν κατάστασιν εἰς τὴν Μέσην Ἀνατολήν, κατὰ τὴν διάρκειαν συναντήσεως ἡ ὁποία διήρκεσε τρεῖς ὥρας. Ἐξητάσθησαν τὰ θέματα τῶν προσφύγων καὶ τῆς ἀποχωρήσεως τῶν ἰσραηλινῶν δυνάμεων ἀπὸ τὰ κατεχόμενα ἐδάφη.

ΒΗΡΥΤΟΣ, 24. (Ρώυτερ). — Ὁ βασιλεὺς Χουσεΐν τῆς Ἰορδανίας ἐξήτασε μετὰ τοῦ κ. Ἔλου τὴν κατάστασιν εἰς τὴν Μέσην Ἀνατολήν, κατὰ τὴν διάρκειαν συναντήσεως ἡ ὁποία διήρκεσε τρεῖς ὥρας. Ἐξητάσθησαν τὰ θέματα τῶν προσφύγων καὶ τῆς ἀποχωρήσεως τῶν ἰσραηλινῶν δυνάμεων ἀπὸ τὰ κατεχόμενα ἐδάφη.

ΒΗΡΥΤΟΣ, 24. (Ρώυτερ). — Ὁ βασιλεὺς Χουσεΐν τῆς Ἰορδανίας ἐξήτασε μετὰ τοῦ κ. Ἔλου τὴν κατάστασιν εἰς τὴν Μέσην Ἀνατολήν, κατὰ τὴν διάρκειαν συναντήσεως ἡ ὁποία διήρκεσε τρεῖς ὥρας. Ἐξητάσθησαν τὰ θέματα τῶν προσφύγων καὶ τῆς ἀποχωρήσεως τῶν ἰσραηλινῶν δυνάμεων ἀπὸ τὰ κατεχόμενα ἐδάφη.

ΒΗΡΥΤΟΣ, 24. (Ρώυτερ). — Ὁ βασιλεὺς Χουσεΐν τῆς Ἰορδανίας ἐξήτασε μετὰ τοῦ κ. Ἔλου τὴν κατάστασιν εἰς τὴν Μέσην Ἀνατολήν, κατὰ τὴν διάρκειαν συναντήσεως ἡ ὁποία διήρκεσε τρεῖς ὥρας. Ἐξητάσθησαν τὰ θέματα τῶν προσφύγων καὶ τῆς ἀποχωρήσεως τῶν ἰσραηλινῶν δυνάμεων ἀπὸ τὰ κατεχόμενα ἐδάφη.

ΒΗΡΥΤΟΣ, 24. (Ρώυτερ). — Ὁ βασιλεὺς Χουσεΐν τῆς Ἰορδανίας ἐξήτασε μετὰ τοῦ κ. Ἔλου τὴν κατάστασιν εἰς τὴν Μέσην Ἀνατολήν, κατὰ τὴν διάρκειαν συναντήσεως ἡ ὁποία διήρκεσε τρεῖς ὥρας. Ἐξητάσθησαν τὰ θέματα τῶν προσφύγων καὶ τῆς ἀποχωρήσεως τῶν ἰσραηλινῶν δυνάμεων ἀπὸ τὰ κατεχόμενα ἐδάφη.

ΜΕ ΙΚΑΝΟΠΟΙΗΣΙΝ ΧΑΙΡΕΤΙΖΕΤΑΙ Η ΣΥΜΦΩΝΙΑ ΗΝΩΜ. ΠΟΛΙΤΕΙΩΝ ΚΑΙ ΣΟΒΙΕΤΙΚΗΣ ΕΝΩΣΕΩΣ
Ἡ σχετικὴ μὲ τὰ πυρηνικὰ ὅπλα

ΣΥΝΕΧΕΙΑ ἐκ τῆς πρώτης σελίδος. — Ἡ συμφωνία μεταξὺ Ἡνωμένων Πολιτειῶν καὶ Σοβιετικῆς Ἑνώσεως διὰ τὴν μὴ διάδοσιν τῶν πυρηνικῶν ὅπλων ἐχαιρετίσθη μὲ ἱκανοποίησιν ὑπὸ τῶν κυβερνήσεων πολλῶν χωρῶν. Εἰς τὴν Γενεύην, ὅπου συνεδριάζει ἡ Ἐπιτροπὴ Ἀφοπλισμοῦ, οἱ ἀντιπρόσωποι ἐξέφρασαν τὴν ἐλπίδα ὅτι ἡ συμφωνία θὰ ἀποτελέσῃ τὸ πρῶτον βῆμα πρὸς γενικὸν ἀφοπλισμόν. Τὸ σχέδιον συνθήκης θὰ ὑποβληθῇ εἰς τὴν Γενικὴν Συνέλευσιν τῶν Ἡνωμένων Ἐθνῶν.

ΣΥΝΕΧΕΙΑ ἐκ τῆς πρώτης σελίδος. — Ἡ συμφωνία μεταξὺ Ἡνωμένων Πολιτειῶν καὶ Σοβιετικῆς Ἑνώσεως διὰ τὴν μὴ διάδοσιν τῶν πυρηνικῶν ὅπλων ἐχαιρετίσθη μὲ ἱκανοποίησιν ὑπὸ τῶν κυβερνήσεων πολλῶν χωρῶν. Εἰς τὴν Γενεύην, ὅπου συνεδριάζει ἡ Ἐπιτροπὴ Ἀφοπλισμοῦ, οἱ ἀντιπρόσωποι ἐξέφρασαν τὴν ἐλπίδα ὅτι ἡ συμφωνία θὰ ἀποτελέσῃ τὸ πρῶτον βῆμα πρὸς γενικὸν ἀφοπλισμόν. Τὸ σχέδιον συνθήκης θὰ ὑποβληθῇ εἰς τὴν Γενικὴν Συνέλευσιν τῶν Ἡνωμένων Ἐθνῶν.

ΣΥΝΕΧΕΙΑ ἐκ τῆς πρώτης σελίδος. — Ἡ συμφωνία μεταξὺ Ἡνωμένων Πολιτειῶν καὶ Σοβιετικῆς Ἑνώσεως διὰ τὴν μὴ διάδοσιν τῶν πυρηνικῶν ὅπλων ἐχαιρετίσθη μὲ ἱκανοποίησιν ὑπὸ τῶν κυβερνήσεων πολλῶν χωρῶν. Εἰς τὴν Γενεύην, ὅπου συνεδριάζει ἡ Ἐπιτροπὴ Ἀφοπλισμοῦ, οἱ ἀντιπρόσωποι ἐξέφρασαν τὴν ἐλπίδα ὅτι ἡ συμφωνία θὰ ἀποτελέσῃ τὸ πρῶτον βῆμα πρὸς γενικὸν ἀφοπλισμόν. Τὸ σχέδιον συνθήκης θὰ ὑποβληθῇ εἰς τὴν Γενικὴν Συνέλευσιν τῶν Ἡνωμένων Ἐθνῶν.

ΣΥΝΕΧΕΙΑ ἐκ τῆς πρώτης σελίδος. — Ἡ συμφωνία μεταξὺ Ἡνωμένων Πολιτειῶν καὶ Σοβιετικῆς Ἑνώσεως διὰ τὴν μὴ διάδοσιν τῶν πυρηνικῶν ὅπλων ἐχαιρετίσθη μὲ ἱκανοποίησιν ὑπὸ τῶν κυβερνήσεων πολλῶν χωρῶν. Εἰς τὴν Γενεύην, ὅπου συνεδριάζει ἡ Ἐπιτροπὴ Ἀφοπλισμοῦ, οἱ ἀντιπρόσωποι ἐξέφρασαν τὴν ἐλπίδα ὅτι ἡ συμφωνία θὰ ἀποτελέσῃ τὸ πρῶτον βῆμα πρὸς γενικὸν ἀφοπλισμόν. Τὸ σχέδιον συνθήκης θὰ ὑποβληθῇ εἰς τὴν Γενικὴν Συνέλευσιν τῶν Ἡνωμένων Ἐθνῶν.

ΣΥΝΕΧΕΙΑ ἐκ τῆς πρώτης σελίδος. — Ἡ συμφωνία μεταξὺ Ἡνωμένων Πολιτειῶν καὶ Σοβιετικῆς Ἑνώσεως διὰ τὴν μὴ διάδοσιν τῶν πυρηνικῶν ὅπλων ἐχαιρετίσθη μὲ ἱκανοποίησιν ὑπὸ τῶν κυβερνήσεων πολλῶν χωρῶν. Εἰς τὴν Γενεύην, ὅπου συνεδριάζει ἡ Ἐπιτροπὴ Ἀφοπλισμοῦ, οἱ ἀντιπρόσωποι ἐξέφρασαν τὴν ἐλπίδα ὅτι ἡ συμφωνία θὰ ἀποτελέσῃ τὸ πρῶτον βῆμα πρὸς γενικὸν ἀφοπλισμόν. Τὸ σχέδιον συνθήκης θὰ ὑποβληθῇ εἰς τὴν Γενικὴν Συνέλευσιν τῶν Ἡνωμένων Ἐθνῶν.

ΣΥΝΕΧΕΙΑ ἐκ τῆς πρώτης σελίδος. — Ἡ συμφωνία μεταξὺ Ἡνωμένων Πολιτειῶν καὶ Σοβιετικῆς Ἑνώσεως διὰ τὴν μὴ διάδοσιν τῶν πυρηνικῶν ὅπλων ἐχαιρετίσθη μὲ ἱκανοποίησιν ὑπὸ τῶν κυβερνήσεων πολλῶν χωρῶν. Εἰς τὴν Γενεύην, ὅπου συνεδριάζει ἡ Ἐπιτροπὴ Ἀφοπλισμοῦ, οἱ ἀντιπρόσωποι ἐξέφρασαν τὴν ἐλπίδα ὅτι ἡ συμφωνία θὰ ἀποτελέσῃ τὸ πρῶτον βῆμα πρὸς γενικὸν ἀφοπλισμόν. Τὸ σχέδιον συνθήκης θὰ ὑποβληθῇ εἰς τὴν Γενικὴν Συνέλευσιν τῶν Ἡνωμένων Ἐθνῶν.

ΣΥΝΕΧΕΙΑ ἐκ τῆς πρώτης σελίδος. — Ἡ συμφωνία μεταξὺ Ἡνωμένων Πολιτειῶν καὶ Σοβιετικῆς Ἑνώσεως διὰ τὴν μὴ διάδοσιν τῶν πυρηνικῶν ὅπλων ἐχαιρετίσθη μὲ ἱκανοποίησιν ὑπὸ τῶν κυβερνήσεων πολλῶν χωρῶν. Εἰς τὴν Γενεύην, ὅπου συνεδριάζει ἡ Ἐπιτροπὴ Ἀφοπλισμοῦ, οἱ ἀντιπρόσωποι ἐξέφρασαν τὴν ἐλπίδα ὅτι ἡ συμφωνία θὰ ἀποτελέσῃ τὸ πρῶτον βῆμα πρὸς γενικὸν ἀφοπλισμόν. Τὸ σχέδιον συνθήκης θὰ ὑποβληθῇ εἰς τὴν Γενικὴν Συνέλευσιν τῶν Ἡνωμένων Ἐθνῶν.

ΣΥΝΕΧΕΙΑ ἐκ τῆς πρώτης σελίδος. — Ἡ συμφωνία μεταξὺ Ἡνωμένων Πολιτειῶν καὶ Σοβιετικῆς Ἑνώσεως διὰ τὴν μὴ διάδοσιν τῶν πυρηνικῶν ὅπλων ἐχαιρετίσθη μὲ ἱκανοποίησιν ὑπὸ τῶν κυβερνήσεων πολλῶν χωρῶν. Εἰς τὴν Γενεύην, ὅπου συνεδριάζει ἡ Ἐπιτροπὴ Ἀφοπλισμοῦ, οἱ ἀντιπρόσωποι ἐξέφρασαν τὴν ἐλπίδα ὅτι ἡ συμφωνία θὰ ἀποτελέσῃ τὸ πρῶτον βῆμα πρὸς γενικὸν ἀφοπλισμόν. Τὸ σχέδιον συνθήκης θὰ ὑποβληθῇ εἰς τὴν Γενικὴν Συνέλευσιν τῶν Ἡνωμένων Ἐθνῶν.

ΙΤΑΛΟΙ ΕΠΕΘΗ ΥΠΟ ΕΡΥΘΡΟΦΡΟΥΡΩΝ ΕΙΣ ΠΕΚΙΝΟΝ

ΡΩΜΗ, 24. (Ὑπηρ. Τύπου). — Ἰταλὸς δημοσιογράφος ἐπέθη ὑπὸ ἐρυθροφρουρῶν εἰς Πεκῖνον.

ΡΩΜΗ, 24. (Ὑπηρ. Τύπου). — Ἰταλὸς δημοσιογράφος ἐπέθη ὑπὸ ἐρυθροφρουρῶν εἰς Πεκῖνον.

Ρῶσσοι πιλότοι μετέχουν τῶν ἐπιχειρήσεων ἐναντίον τῆς Μπιάφρας;
ΤΑ ΣΤΡΑΤΕΥΜΑΤΑ ΤΗΣ ΝΙΓΗΡΙΑΣ ΠΡΟΕΛΑΥΝΟΥΝ ΠΡΟΣ ΤΗΝ ΟΡΕ

ΠΟΤΟΝΟΥ, Δαχομέη, 24. (Ἀσ. Πρές). — Ἐκτὸς τῶν πολεμικῶν ἀεροσκαφῶν τὰ ὁποῖα ἐστάλησαν ἐκ τῆς Σοβιετικῆς Ἑνώσεως εἰς τὴν Νιγηρίαν, ἔφθασαν καὶ Ρῶσσοι τεχνικοί. Τὰ κυβερνητικὰ στρατεύματα προελαύνουν πρὸς τὴν Ὀρὲ καὶ ἀναμένεται ὅτι θὰ καταλάβουν αὐτὴν ἐντὸς ὀλίγων ἡμερῶν.

ΠΟΤΟΝΟΥ, Δαχομέη, 24. (Ἀσ. Πρές). — Ἐκτὸς τῶν πολεμικῶν ἀεροσκαφῶν τὰ ὁποῖα ἐστάλησαν ἐκ τῆς Σοβιετικῆς Ἑνώσεως εἰς τὴν Νιγηρίαν, ἔφθασαν καὶ Ρῶσσοι τεχνικοί. Τὰ κυβερνητικὰ στρατεύματα προελαύνουν πρὸς τὴν Ὀρὲ καὶ ἀναμένεται ὅτι θὰ καταλάβουν αὐτὴν ἐντὸς ὀλίγων ἡμερῶν.

ΠΟΤΟΝΟΥ, Δαχομέη, 24. (Ἀσ. Πρές). — Ἐκτὸς τῶν πολεμικῶν ἀεροσκαφῶν τὰ ὁποῖα ἐστάλησαν ἐκ τῆς Σοβιετικῆς Ἑνώσεως εἰς τὴν Νιγηρίαν, ἔφθασαν καὶ Ρῶσσοι τεχνικοί. Τὰ κυβερνητικὰ στρατεύματα προελαύνουν πρὸς τὴν Ὀρὲ καὶ ἀναμένεται ὅτι θὰ καταλάβουν αὐτὴν ἐντὸς ὀλίγων ἡμερῶν.

ΠΟΤΟΝΟΥ, Δαχομέη, 24. (Ἀσ. Πρές). — Ἐκτὸς τῶν πολεμικῶν ἀεροσκαφῶν τὰ ὁποῖα ἐστάλησαν ἐκ τῆς Σοβιετικῆς Ἑνώσεως εἰς τὴν Νιγηρίαν, ἔφθασαν καὶ Ρῶσσοι τεχνικοί. Τὰ κυβερνητικὰ στρατεύματα προελαύνουν πρὸς τὴν Ὀρὲ καὶ ἀναμένεται ὅτι θὰ καταλάβουν αὐτὴν ἐντὸς ὀλίγων ἡμερῶν.

ΠΑΡΕΤΑΘΗ ΣΙΩΠΗΡΩΣ Η ΣΥΜΦΩΝΙΑ ΑΝΑΚΩΧΗΣ ΜΕΤΑΞΥ ΤΩΝ ΜΙΣΘΟΦΟΡΩΝ ΚΑΙ ΚΟΓΚΟΛΕΖΩΝ ΔΥΝΑΤΟΝ ΝΑ ΜΕΤΑΒΟΥΝ ΕΙΣ ΤΗΝ ΡΟΥΑΝΤΑ

ΚΙΝΣΑΣΑ, 24. (Ὑπηρ. Τύπου). — Ἡ συμφωνία ἀνακωχῆς μεταξὺ τῶν μισθοφόρων καὶ τῶν κογκολέζικων στρατευμάτων παρετάθη σιωπηρῶς. Οἱ μισθοφόροι, οἱ ὁποῖοι κατέχουν τὴν πόλιν Μπουκάβου, δύνανται νὰ μεταβοῦν εἰς τὴν Ρουάντα ὑπὸ τὴν ἐπίβλεψιν τοῦ Διεθνοῦς Ἐρυθροῦ Σταυροῦ.

ΚΙΝΣΑΣΑ, 24. (Ὑπηρ. Τύπου). — Ἡ συμφωνία ἀνακωχῆς μεταξὺ τῶν μισθοφόρων καὶ τῶν κογκολέζικων στρατευμάτων παρετάθη σιωπηρῶς. Οἱ μισθοφόροι, οἱ ὁποῖοι κατέχουν τὴν πόλιν Μπουκάβου, δύνανται νὰ μεταβοῦν εἰς τὴν Ρουάντα ὑπὸ τὴν ἐπίβλεψιν τοῦ Διεθνοῦς Ἐρυθροῦ Σταυροῦ.

ΚΙΝΣΑΣΑ, 24. (Ὑπηρ. Τύπου). — Ἡ συμφωνία ἀνακωχῆς μεταξὺ τῶν μισθοφόρων καὶ τῶν κογκολέζικων στρατευμάτων παρετάθη σιωπηρῶς. Οἱ μισθοφόροι, οἱ ὁποῖοι κατέχουν τὴν πόλιν Μπουκάβου, δύνανται νὰ μεταβοῦν εἰς τὴν Ρουάντα ὑπὸ τὴν ἐπίβλεψιν τοῦ Διεθνοῦς Ἐρυθροῦ Σταυροῦ.

ΚΙΝΣΑΣΑ, 24. (Ὑπηρ. Τύπου). — Ἡ συμφωνία ἀνακωχῆς μεταξὺ τῶν μισθοφόρων καὶ τῶν κογκολέζικων στρατευμάτων παρετάθη σιωπηρῶς. Οἱ μισθοφόροι, οἱ ὁποῖοι κατέχουν τὴν πόλιν Μπουκάβου, δύνανται νὰ μεταβοῦν εἰς τὴν Ρουάντα ὑπὸ τὴν ἐπίβλεψιν τοῦ Διεθνοῦς Ἐρυθροῦ Σταυροῦ.

ΚΙΝΣΑΣΑ, 24. (Ὑπηρ. Τύπου). — Ἡ συμφωνία ἀνακωχῆς μεταξὺ τῶν μισθοφόρων καὶ τῶν κογκολέζικων στρατευμάτων παρετάθη σιωπηρῶς. Οἱ μισθοφόροι, οἱ ὁποῖοι κατέχουν τὴν πόλιν Μπουκάβου, δύνανται νὰ μεταβοῦν εἰς τὴν Ρουάντα ὑπὸ τὴν ἐπίβλεψιν τοῦ Διεθνοῦς Ἐρυθροῦ Σταυροῦ.

ΚΙΝΣΑΣΑ, 24. (Ὑπηρ. Τύπου). — Ἡ συμφωνία ἀνακωχῆς μεταξὺ τῶν μισθοφόρων καὶ τῶν κογκολέζικων στρατευμάτων παρετάθη σιωπηρῶς. Οἱ μισθοφόροι, οἱ ὁποῖοι κατέχουν τὴν πόλιν Μπουκάβου, δύνανται νὰ μεταβοῦν εἰς τὴν Ρουάντα ὑπὸ τὴν ἐπίβλεψιν τοῦ Διεθνοῦς Ἐρυθροῦ Σταυροῦ.

ΚΙΝΣΑΣΑ, 24. (Ὑπηρ. Τύπου). — Ἡ συμφωνία ἀνακωχῆς μεταξὺ τῶν μισθοφόρων καὶ τῶν κογκολέζικων στρατευμάτων παρετάθη σιωπηρῶς. Οἱ μισθοφόροι, οἱ ὁποῖοι κατέχουν τὴν πόλιν Μπουκάβου, δύνανται νὰ μεταβοῦν εἰς τὴν Ρουάντα ὑπὸ τὴν ἐπίβλεψιν τοῦ Διεθνοῦς Ἐρυθροῦ Σταυροῦ.

ΚΙΝΣΑΣΑ, 24. (Ὑπηρ. Τύπου). — Ἡ συμφωνία ἀνακωχῆς μεταξὺ τῶν μισθοφόρων καὶ τῶν κογκολέζικων στρατευμάτων παρετάθη σιωπηρῶς. Οἱ μισθοφόροι, οἱ ὁποῖοι κατέχουν τὴν πόλιν Μπουκάβου, δύνανται νὰ μεταβοῦν εἰς τὴν Ρουάντα ὑπὸ τὴν ἐπίβλεψιν τοῦ Διεθνοῦς Ἐρυθροῦ Σταυροῦ.

ΑΓΓΛΟΣ ΕΚΠΡΟΣΩΠΟΣ ΜΕΤΕΒΗ ΕΙΣ ΓΕΝΕΥΗΝ ΔΙΑ ΝΑ ΠΑΡΑΚΟΛΟΥΘΗΣΗ ΤΑΣ ΣΥΝΟΜΙΛΙΑΣ ΠΕΡΙ ΤΗΣ ΑΝΕΞΑΡΤΗΣΙΑΣ ΤΗΣ ΝΟΤ. ΑΡΑΒΙΑΣ

ΛΟΝΔΙΝΟΝ, 24. (Ρώυτερ). — Ἀνώτερος ὑπάλληλος τοῦ Ὑπουργείου Ἐξωτερικῶν μετέβη εἰς Γενεύην διὰ νὰ παρακολουθήσῃ τὰς συνομιλίας περὶ τῆς ἀνεξαρτησίας τῆς Νοτίου Ἀραβίας.

ΛΟΝΔΙΝΟΝ, 24. (Ρώυτερ). — Ἀνώτερος ὑπάλληλος τοῦ Ὑπουργείου Ἐξωτερικῶν μετέβη εἰς Γενεύην διὰ νὰ παρακολουθήσῃ τὰς συνομιλίας περὶ τῆς ἀνεξαρτησίας τῆς Νοτίου Ἀραβίας.

ΛΟΝΔΙΝΟΝ, 24. (Ρώυτερ). — Ἀνώτερος ὑπάλληλος τοῦ Ὑπουργείου Ἐξωτερικῶν μετέβη εἰς Γενεύην διὰ νὰ παρακολουθήσῃ τὰς συνομιλίας περὶ τῆς ἀνεξαρτησίας τῆς Νοτίου Ἀραβίας.

ΛΟΝΔΙΝΟΝ, 24. (Ρώυτερ). — Ἀνώτερος ὑπάλληλος τοῦ Ὑπουργείου Ἐξωτερικῶν μετέβη εἰς Γενεύην διὰ νὰ παρακολουθήσῃ τὰς συνομιλίας περὶ τῆς ἀνεξαρτησίας τῆς Νοτίου Ἀραβίας.

ΕΞΑΙΡΟΥΝΤΑΙ ΥΠΟ ΚΥΠΡΙΑΚΗΣ ΕΦΗΜΕΡΙΔΟΣ ΤΑ ΕΠΙΤΕΥΓΜΑΤΑ ΤΗΣ ΚΥΒΕΡΝΗΣΕΩΣ ΚΑΙ Η ΕΠΙΚΡΑΤΟΥΣΑ ΤΑΞΙΣ ΚΑΙ ΟΜΑΛΟΤΗΣ

ΛΕΥΚΩΣΙΑ, 24. (Ἀθην. Πρακτ.). — Ἡ ἐφημερὶς «Ἐλευθερία» ἐξαίρει τὰ ἐπιτεύγματα τῆς Κυβερνήσεως καὶ τὴν ἐπικρατοῦσαν τάξιν καὶ ὁμαλότητα εἰς τὴν νῆσον.

ΛΕΥΚΩΣΙΑ, 24. (Ἀθην. Πρακτ.). — Ἡ ἐφημερὶς «Ἐλευθερία» ἐξαίρει τὰ ἐπιτεύγματα τῆς Κυβερνήσεως καὶ τὴν ἐπικρατοῦσαν τάξιν καὶ ὁμαλότητα εἰς τὴν νῆσον.

ΛΕΥΚΩΣΙΑ, 24. (Ἀθην. Πρακτ.). — Ἡ ἐφημερὶς «Ἐλευθερία» ἐξαίρει τὰ ἐπιτεύγματα τῆς Κυβερνήσεως καὶ τὴν ἐπικρατοῦσαν τάξιν καὶ ὁμαλότητα εἰς τὴν νῆσον.

ΛΕΥΚΩΣΙΑ, 24. (Ἀθην. Πρακτ.). — Ἡ ἐφημερὶς «Ἐλευθερία» ἐξαίρει τὰ ἐπιτεύγματα τῆς Κυβερνήσεως καὶ τὴν ἐπικρατοῦσαν τάξιν καὶ ὁμαλότητα εἰς τὴν νῆσον.

ΛΕΥΚΩΣΙΑ, 24. (Ἀθην. Πρακτ.). — Ἡ ἐφημερὶς «Ἐλευθερία» ἐξαίρει τὰ ἐπιτεύγματα τῆς Κυβερνήσεως καὶ τὴν ἐπικρατοῦσαν τάξιν καὶ ὁμαλότητα εἰς τὴν νῆσον.

ΟΙ ΥΠΑΛΛΗΛΟΙ ΤΗΣ ΗΛΕΚΤΡΙΚΗΣ ΕΤΑΙΡΕΙΑΣ ΚΥΠΡΟΥ ΔΕΝ ΕΝΤΑΧΘΟΥΝ ΕΙΣ ΤΗΝ ΕΝΩΣΙΝ ΠΡΟΣΩΠΙΚΟΥ ΔΕΗ

ΑΜΜΟΧΩΣΤΟΣ, 24. (Ἀθην. Πρακτ.). — Οἱ ὑπάλληλοι τῆς Ἠλεκτρικῆς Ἑταιρείας Κύπρου ἀπεφάσισαν νὰ μὴ ἐνταχθοῦν εἰς τὴν Ἕνωσιν Προσωπικοῦ.

ΑΜΜΟΧΩΣΤΟΣ, 24. (Ἀθην. Πρακτ.). — Οἱ ὑπάλληλοι τῆς Ἠλεκτρικῆς Ἑταιρείας Κύπρου ἀπεφάσισαν νὰ μὴ ἐνταχθοῦν εἰς τὴν Ἕνωσιν Προσωπικοῦ.

ΑΜΜΟΧΩΣΤΟΣ, 24. (Ἀθην. Πρακτ.). — Οἱ ὑπάλληλοι τῆς Ἠλεκτρικῆς Ἑταιρείας Κύπρου ἀπεφάσισαν νὰ μὴ ἐνταχθοῦν εἰς τὴν Ἕνωσιν Προσωπικοῦ.

ΑΜΜΟΧΩΣΤΟΣ, 24. (Ἀθην. Πρακτ.). — Οἱ ὑπάλληλοι τῆς Ἠλεκτρικῆς Ἑταιρείας Κύπρου ἀπεφάσισαν νὰ μὴ ἐνταχθοῦν εἰς τὴν Ἕνωσιν Προσωπικοῦ.

ΤΗΛΕΣΚΟΠΙΟΝ ΣΩ ΤΟΥ «ΤΣΟΝΤΡΕΛ ΜΠΑΝΚ» ΑΠΕΦΑΣΙΣΕ ΝΑ ΚΑΤΑΣΚΕΥΑΣΗ Η ΣΑΟΥΔΑΡΑΒΙΑ

ΛΟΝΔΙΝΟΝ, 24. (Ρώυτερ). — Ἀνεκοινώθη ὅτι ἡ Σαουδικὴ Ἀραβία ἀπεφάσισε τὴν κατασκευὴν τηλεσκοπίου.

ΛΟΝΔΙΝΟΝ, 24. (Ρώυτερ). — Ἀνεκοινώθη ὅτι ἡ Σαουδικὴ Ἀραβία ἀπεφάσισε τὴν κατασκευὴν τηλεσκοπίου.

ΥΠΟΔΟΧΗΝ ΕΤΟΙΜΑΖΟΥΝ ΟΙ ΟΜΟΓΕΝΕΙΣ ΕΙΣ ΤΟ ΒΑΣΙΛΙΚΟΝ ΖΕΥΓΟΣ

ΝΕΑ ΥΟΡΚΗ, 24. (Ἀσ. Πρές). — Οἱ ὁμογενεῖς ἑτοιμάζουν μεγαλοπρεπῆ ὑποδοχὴν διὰ τὸ Βασιλικὸν Ζεῦγος.

ΝΕΑ ΥΟΡΚΗ, 24. (Ἀσ. Πρές). — Οἱ ὁμογενεῖς ἑτοιμάζουν μεγαλοπρεπῆ ὑποδοχὴν διὰ τὸ Βασιλικὸν Ζεῦγος.

ΝΕΑ ΥΟΡΚΗ, 24. (Ἀσ. Πρές). — Οἱ ὁμογενεῖς ἑτοιμάζουν μεγαλοπρεπῆ ὑποδοχὴν διὰ τὸ Βασιλικὸν Ζεῦγος.

ΝΕΑ ΥΟΡΚΗ, 24. (Ἀσ. Πρές). — Οἱ ὁμογενεῖς ἑτοιμάζουν μεγαλοπρεπῆ ὑποδοχὴν διὰ τὸ Βασιλικὸν Ζεῦγος.
